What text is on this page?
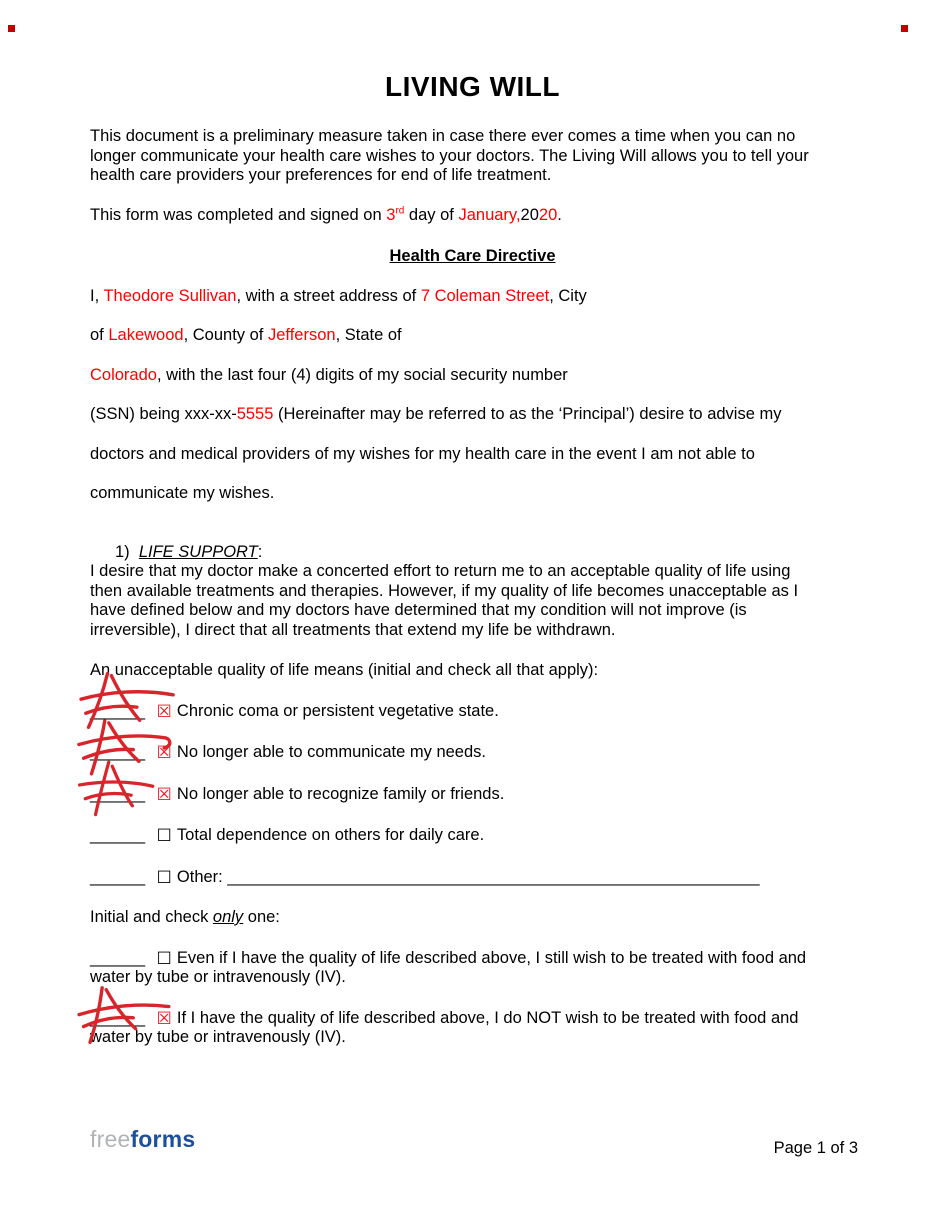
LIVING WILL
This document is a preliminary measure taken in case there ever comes a time when you can no
longer communicate your health care wishes to your doctors. The Living Will allows you to tell your
health care providers your preferences for end of life treatment.
This form was completed and signed on 3rd day of January,2020.
Health Care Directive
I, Theodore Sullivan, with a street address of 7 Coleman Street, City
of Lakewood, County of Jefferson, State of
Colorado, with the last four (4) digits of my social security number
(SSN) being xxx-xx-5555 (Hereinafter may be referred to as the ‘Principal’) desire to advise my
doctors and medical providers of my wishes for my health care in the event I am not able to
communicate my wishes.
1) LIFE SUPPORT:
I desire that my doctor make a concerted effort to return me to an acceptable quality of life using
then available treatments and therapies. However, if my quality of life becomes unacceptable as I
have defined below and my doctors have determined that my condition will not improve (is
irreversible), I direct that all treatments that extend my life be withdrawn.
An unacceptable quality of life means (initial and check all that apply):
______ ☒ Chronic coma or persistent vegetative state.
______ ☒ No longer able to communicate my needs.
______ ☒ No longer able to recognize family or friends.
______ ☐ Total dependence on others for daily care.
______ ☐ Other: __________________________________________________________
Initial and check only one:
______ ☐ Even if I have the quality of life described above, I still wish to be treated with food and
water by tube or intravenously (IV).
______ ☒ If I have the quality of life described above, I do NOT wish to be treated with food and
water by tube or intravenously (IV).
freeforms	Page 1 of 3
